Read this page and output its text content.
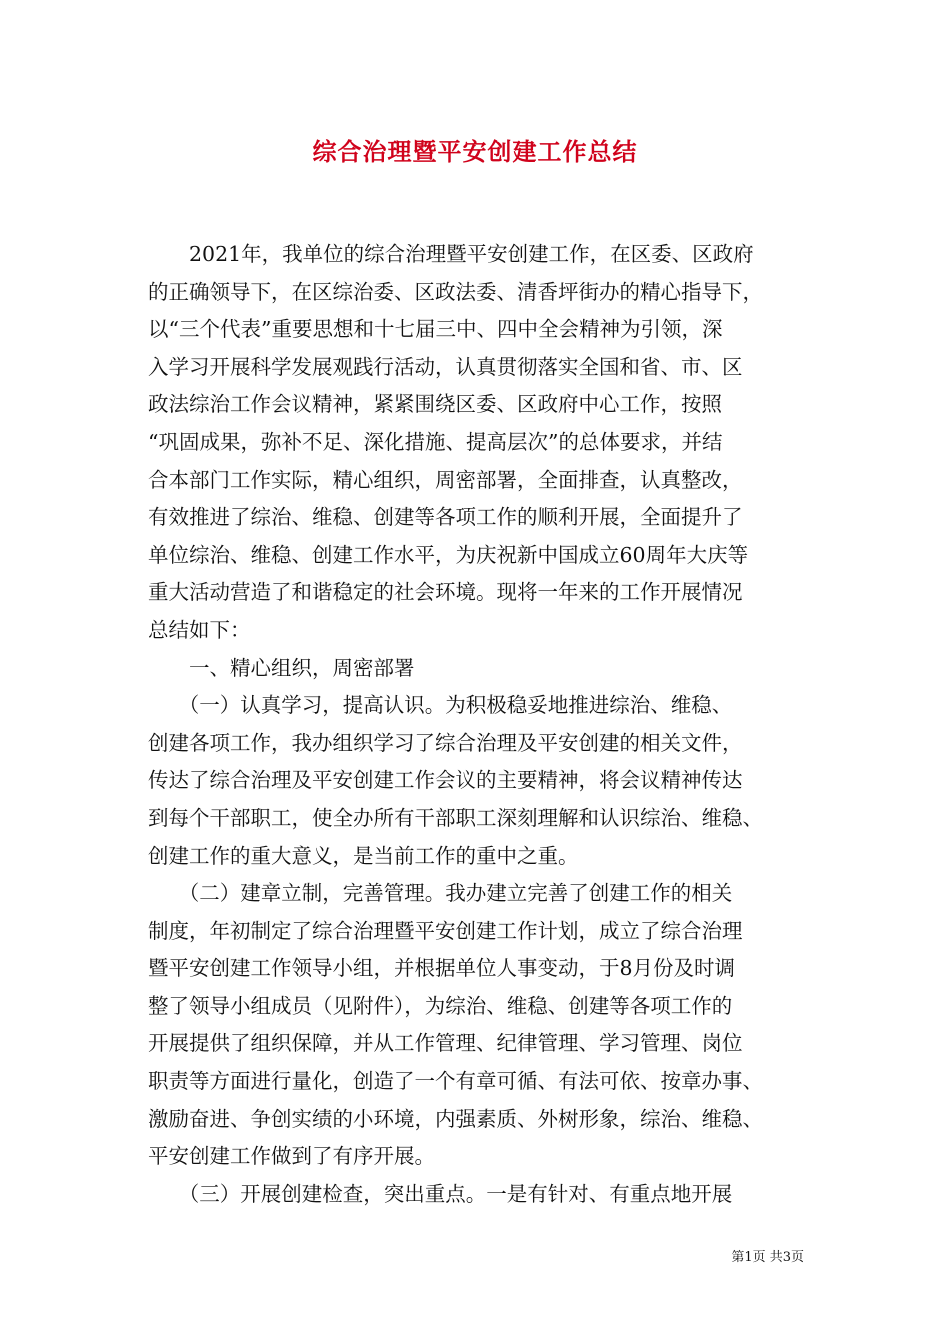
综合治理暨平安创建工作总结
　　2021年，我单位的综合治理暨平安创建工作，在区委、区政府
的正确领导下，在区综治委、区政法委、清香坪街办的精心指导下，
以“三个代表”重要思想和十七届三中、四中全会精神为引领，深
入学习开展科学发展观践行活动，认真贯彻落实全国和省、市、区
政法综治工作会议精神，紧紧围绕区委、区政府中心工作，按照
“巩固成果，弥补不足、深化措施、提高层次”的总体要求，并结
合本部门工作实际，精心组织，周密部署，全面排查，认真整改，
有效推进了综治、维稳、创建等各项工作的顺利开展，全面提升了
单位综治、维稳、创建工作水平，为庆祝新中国成立60周年大庆等
重大活动营造了和谐稳定的社会环境。现将一年来的工作开展情况
总结如下：
　　一、精心组织，周密部署
　　（一）认真学习，提高认识。为积极稳妥地推进综治、维稳、
创建各项工作，我办组织学习了综合治理及平安创建的相关文件，
传达了综合治理及平安创建工作会议的主要精神，将会议精神传达
到每个干部职工，使全办所有干部职工深刻理解和认识综治、维稳、
创建工作的重大意义，是当前工作的重中之重。
　　（二）建章立制，完善管理。我办建立完善了创建工作的相关
制度，年初制定了综合治理暨平安创建工作计划，成立了综合治理
暨平安创建工作领导小组，并根据单位人事变动，于8月份及时调
整了领导小组成员（见附件），为综治、维稳、创建等各项工作的
开展提供了组织保障，并从工作管理、纪律管理、学习管理、岗位
职责等方面进行量化，创造了一个有章可循、有法可依、按章办事、
激励奋进、争创实绩的小环境，内强素质、外树形象，综治、维稳、
平安创建工作做到了有序开展。
　　（三）开展创建检查，突出重点。一是有针对、有重点地开展
第1页 共3页
